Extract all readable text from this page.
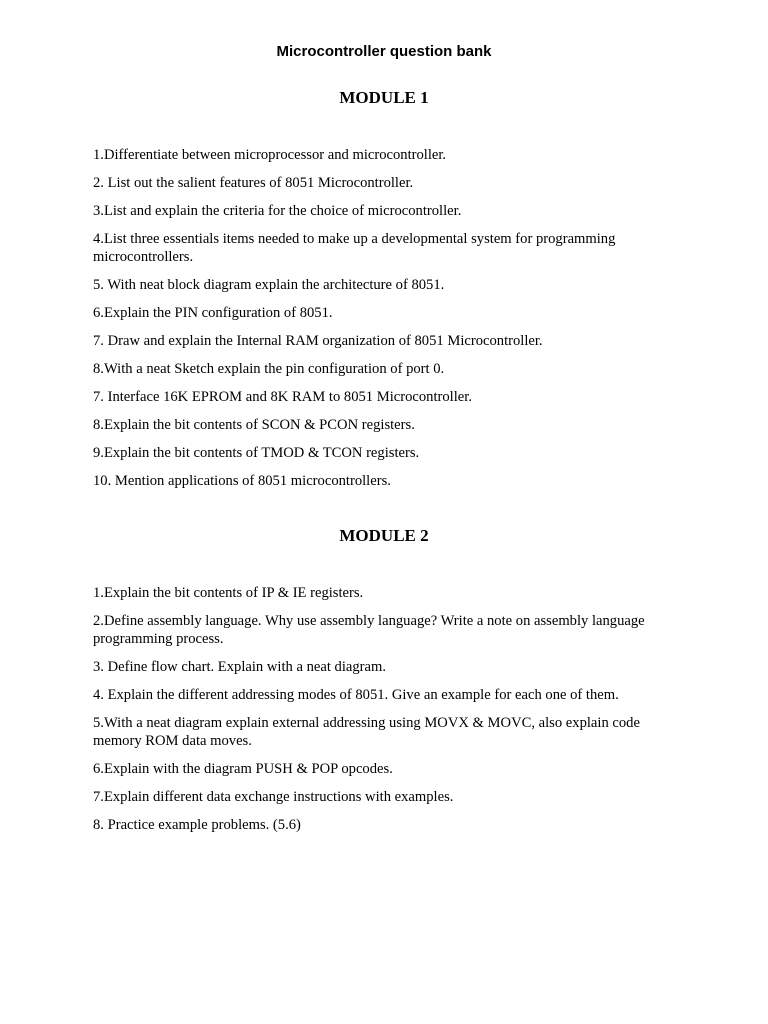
Microcontroller question bank
MODULE 1
1.Differentiate between microprocessor and microcontroller.
2. List out the salient features of 8051 Microcontroller.
3.List and explain the criteria for the choice of microcontroller.
4.List three essentials items needed to make up a developmental system for programming microcontrollers.
5. With neat block diagram explain the architecture of 8051.
6.Explain the PIN configuration of 8051.
7. Draw and explain the Internal RAM organization of 8051 Microcontroller.
8.With a neat Sketch explain the pin configuration of port 0.
7. Interface 16K EPROM and 8K RAM to 8051 Microcontroller.
8.Explain the bit contents of SCON & PCON registers.
9.Explain the bit contents of TMOD & TCON registers.
10. Mention applications of 8051 microcontrollers.
MODULE 2
1.Explain the bit contents of IP & IE registers.
2.Define assembly language. Why use assembly language? Write a note on assembly language programming process.
3. Define flow chart. Explain with a neat diagram.
4. Explain the different addressing modes of 8051. Give an example for each one of them.
5.With a neat diagram explain external addressing using MOVX & MOVC, also explain code memory ROM data moves.
6.Explain with the diagram PUSH & POP opcodes.
7.Explain different data exchange instructions with examples.
8. Practice example problems. (5.6)
